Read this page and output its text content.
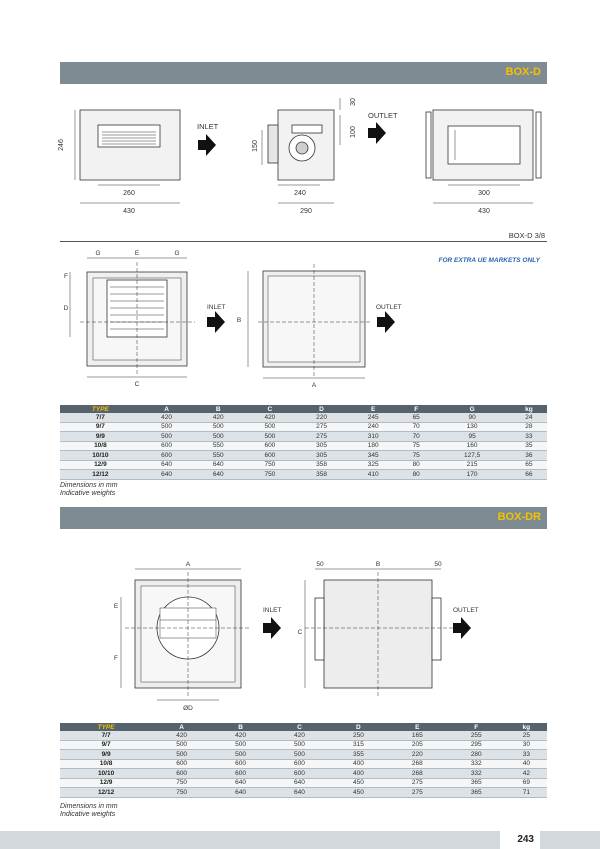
BOX-D
INLET
OUTLET
246
260
430
30
100
150
240
290
300
430
BOX-D 3/8
FOR EXTRA UE MARKETS ONLY
INLET	OUTLET
G	E	G
F
D
C
B
A
TYPE	A	B	C	D	E	F	G	kg
7/7	420	420	420	220	245	65	90	24
9/7	500	500	500	275	240	70	130	28
9/9	500	500	500	275	310	70	95	33
10/8	600	550	600	305	180	75	160	35
10/10	600	550	600	305	345	75	127,5	36
12/9	640	640	750	358	325	80	215	65
12/12	640	640	750	358	410	80	170	66
Dimensions in mm
Indicative weights
BOX-DR
INLET	OUTLET
A
E
F
ØD
50	B	50
C
TYPE	A	B	C	D	E	F	kg
7/7	420	420	420	250	165	255	25
9/7	500	500	500	315	205	295	30
9/9	500	500	500	355	220	280	33
10/8	600	600	600	400	268	332	40
10/10	600	600	600	400	268	332	42
12/9	750	640	640	450	275	365	69
12/12	750	640	640	450	275	365	71
Dimensions in mm
Indicative weights
243
